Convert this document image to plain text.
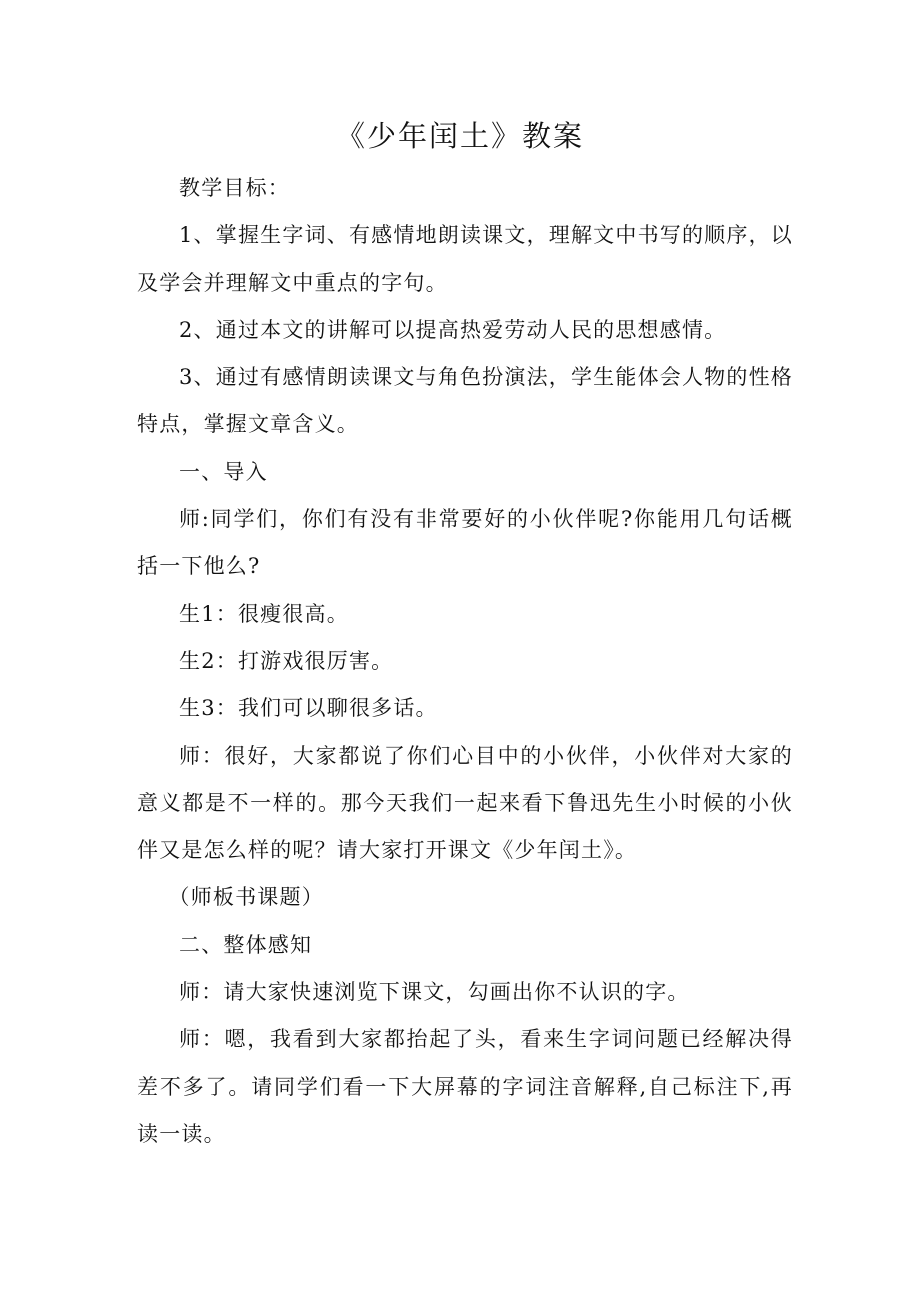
《少年闰土》教案

教学目标：

1、掌握生字词、有感情地朗读课文，理解文中书写的顺序，以及学会并理解文中重点的字句。

2、通过本文的讲解可以提高热爱劳动人民的思想感情。

3、通过有感情朗读课文与角色扮演法，学生能体会人物的性格特点，掌握文章含义。

一、导入

师:同学们，你们有没有非常要好的小伙伴呢?你能用几句话概括一下他么?

生1：很瘦很高。

生2：打游戏很厉害。

生3：我们可以聊很多话。

师：很好，大家都说了你们心目中的小伙伴，小伙伴对大家的意义都是不一样的。那今天我们一起来看下鲁迅先生小时候的小伙伴又是怎么样的呢？请大家打开课文《少年闰土》。

（师板书课题）

二、整体感知

师：请大家快速浏览下课文，勾画出你不认识的字。

师：嗯，我看到大家都抬起了头，看来生字词问题已经解决得差不多了。请同学们看一下大屏幕的字词注音解释,自己标注下,再读一读。
